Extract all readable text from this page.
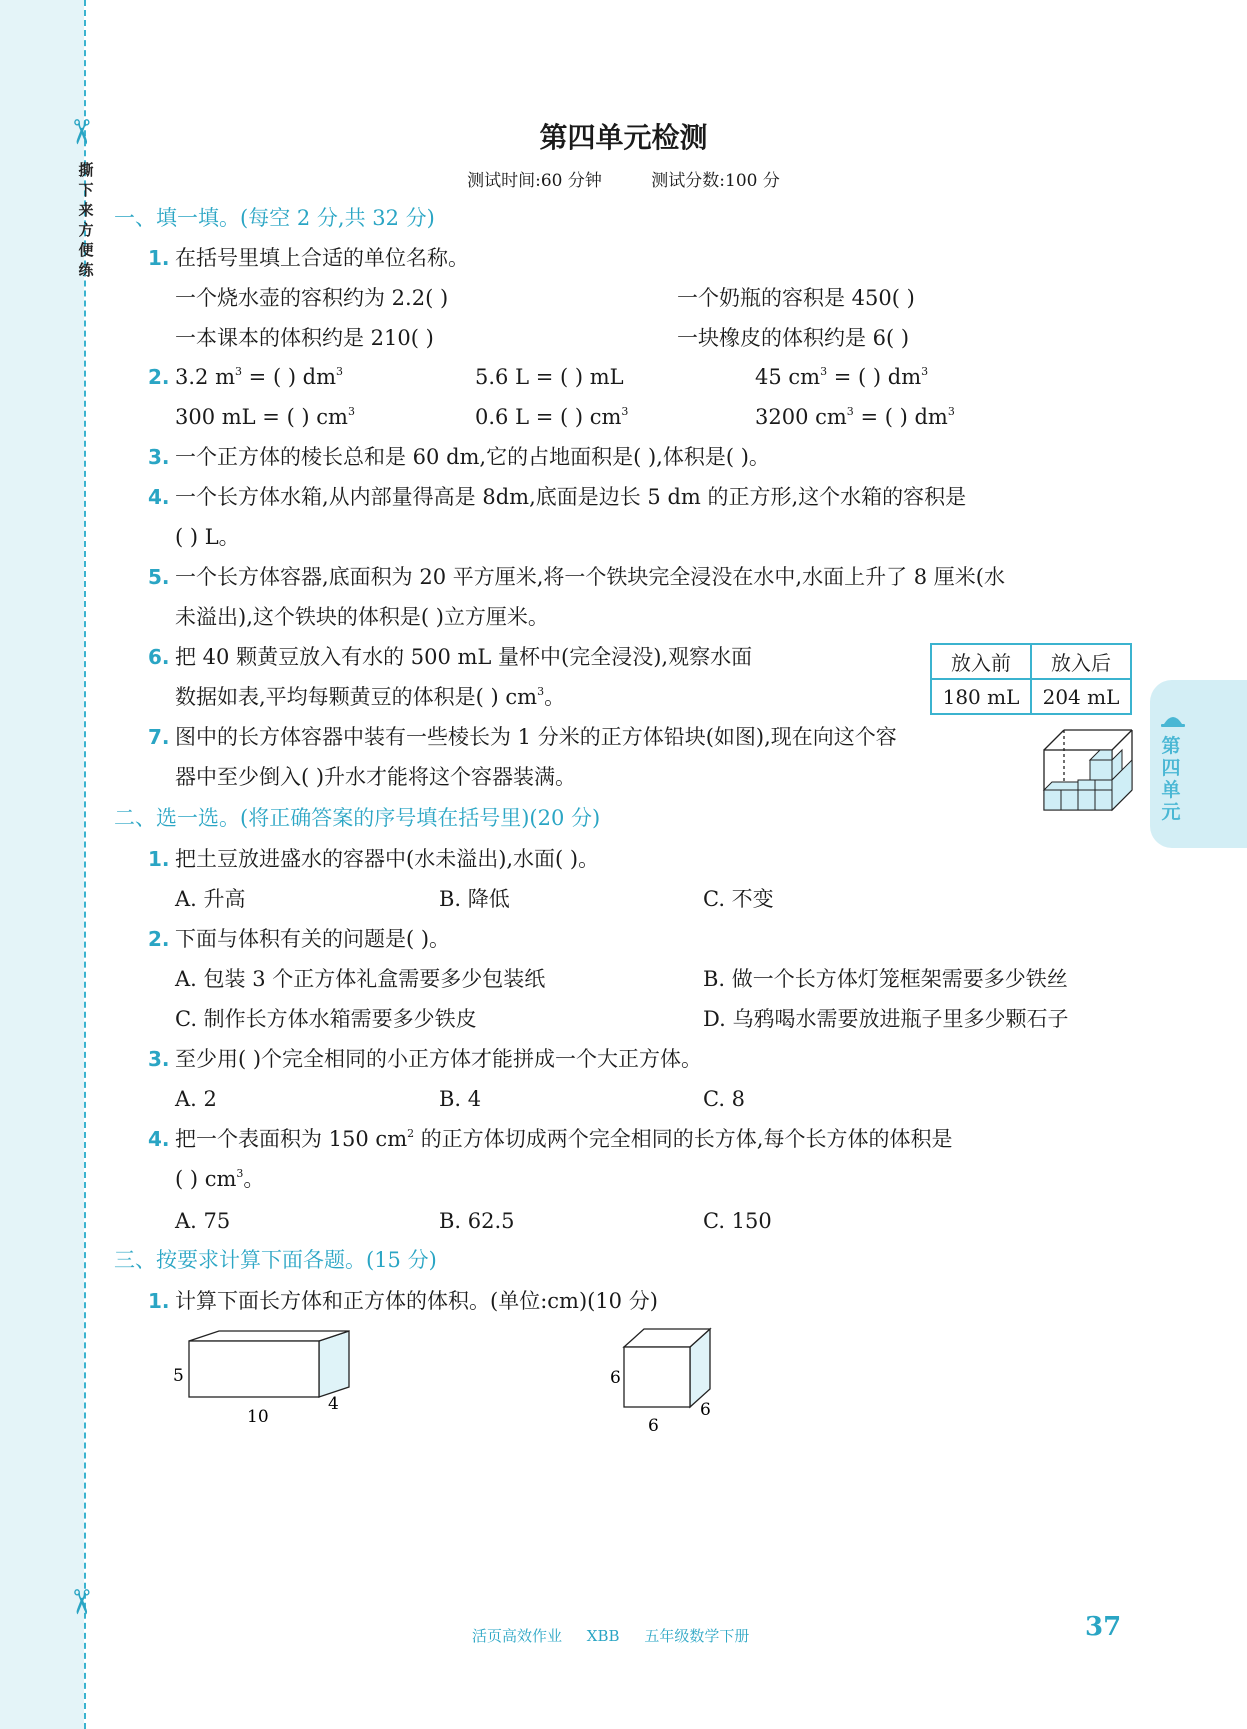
✂
撕下来 方便练
✂
第四单元
第四单元检测
测试时间:60 分钟	测试分数:100 分
一、填一填。(每空 2 分,共 32 分)
1. 在括号里填上合适的单位名称。
一个烧水壶的容积约为 2.2( )	一个奶瓶的容积是 450( )
一本课本的体积约是 210( )	一块橡皮的体积约是 6( )
2. 3.2 $m^3$ = ( ) $dm^3$	5.6 L = ( ) mL	45 $cm^3$ = ( ) $dm^3$
300 mL = ( ) $cm^3$	0.6 L = ( ) $cm^3$	3200 $cm^3$ = ( ) $dm^3$
3. 一个正方体的棱长总和是 60 dm,它的占地面积是( ),体积是( )。
4. 一个长方体水箱,从内部量得高是 8dm,底面是边长 5 dm 的正方形,这个水箱的容积是
( ) L。
5. 一个长方体容器,底面积为 20 平方厘米,将一个铁块完全浸没在水中,水面上升了 8 厘米(水
未溢出),这个铁块的体积是( )立方厘米。
6. 把 40 颗黄豆放入有水的 500 mL 量杯中(完全浸没),观察水面
数据如表,平均每颗黄豆的体积是( ) $cm^3$。
放入前	放入后
180 mL	204 mL
7. 图中的长方体容器中装有一些棱长为 1 分米的正方体铅块(如图),现在向这个容
器中至少倒入( )升水才能将这个容器装满。
二、选一选。(将正确答案的序号填在括号里)(20 分)
1. 把土豆放进盛水的容器中(水未溢出),水面( )。
A. 升高	B. 降低	C. 不变
2. 下面与体积有关的问题是( )。
A. 包装 3 个正方体礼盒需要多少包装纸	B. 做一个长方体灯笼框架需要多少铁丝
C. 制作长方体水箱需要多少铁皮	D. 乌鸦喝水需要放进瓶子里多少颗石子
3. 至少用( )个完全相同的小正方体才能拼成一个大正方体。
A. 2	B. 4	C. 8
4. 把一个表面积为 150 $cm^2$ 的正方体切成两个完全相同的长方体,每个长方体的体积是
( ) $cm^3$。
A. 75	B. 62.5	C. 150
三、按要求计算下面各题。(15 分)
1. 计算下面长方体和正方体的体积。(单位:cm)(10 分)
5
10
4
6
6
6
活页高效作业 XBB 五年级数学下册	37
